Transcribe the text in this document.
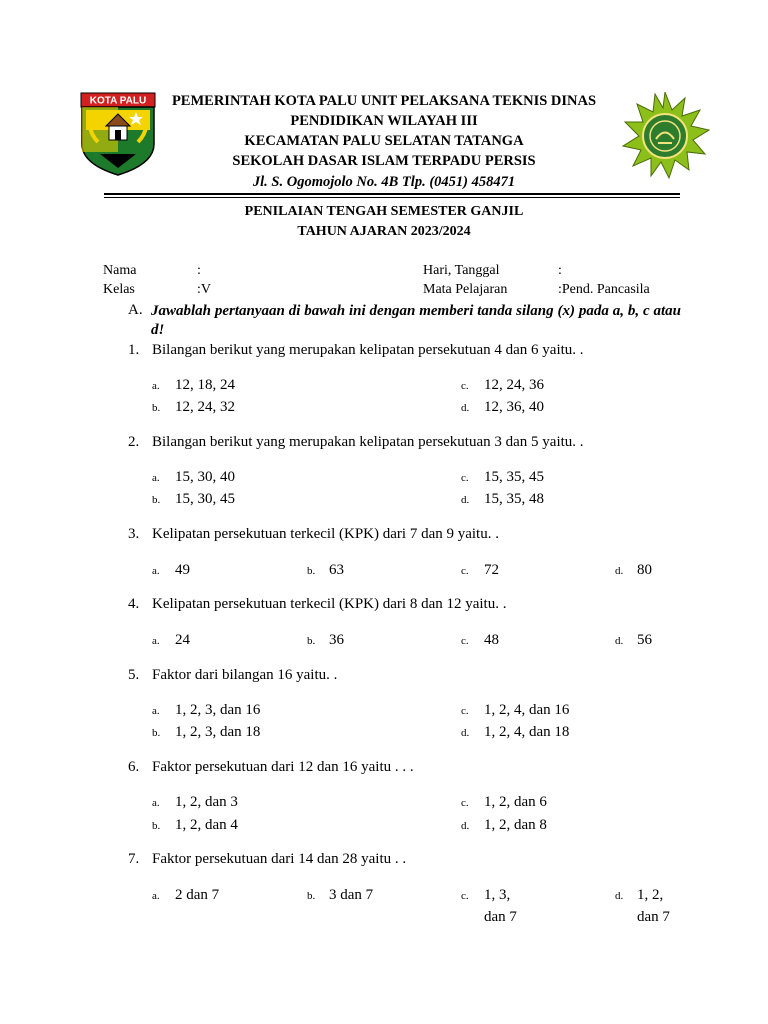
KOTA PALU	PEMERINTAH KOTA PALU UNIT PELAKSANA TEKNIS DINAS
PENDIDIKAN WILAYAH III
KECAMATAN PALU SELATAN TATANGA
SEKOLAH DASAR ISLAM TERPADU PERSIS
Jl. S. Ogomojolo No. 4B Tlp. (0451) 458471
PENILAIAN TENGAH SEMESTER GANJIL
TAHUN AJARAN 2023/2024
Nama	:
Kelas	:V
Hari, Tanggal	:
Mata Pelajaran	:Pend. Pancasila
A. Jawablah pertanyaan di bawah ini dengan memberi tanda silang (x) pada a, b, c atau d!
1. Bilangan berikut yang merupakan kelipatan persekutuan 4 dan 6 yaitu. .
a. 12, 18, 24
b. 12, 24, 32
c. 12, 24, 36
d. 12, 36, 40
2. Bilangan berikut yang merupakan kelipatan persekutuan 3 dan 5 yaitu. .
a. 15, 30, 40
b. 15, 30, 45
c. 15, 35, 45
d. 15, 35, 48
3. Kelipatan persekutuan terkecil (KPK) dari 7 dan 9 yaitu. .
a. 49	b. 63	c. 72	d. 80
4. Kelipatan persekutuan terkecil (KPK) dari 8 dan 12 yaitu. .
a. 24	b. 36	c. 48	d. 56
5. Faktor dari bilangan 16 yaitu. .
a. 1, 2, 3, dan 16
b. 1, 2, 3, dan 18
c. 1, 2, 4, dan 16
d. 1, 2, 4, dan 18
6. Faktor persekutuan dari 12 dan 16 yaitu . . .
a. 1, 2, dan 3
b. 1, 2, dan 4
c. 1, 2, dan 6
d. 1, 2, dan 8
7. Faktor persekutuan dari 14 dan 28 yaitu . .
a. 2 dan 7	b. 3 dan 7	c. 1, 3, dan 7
d. 1, 2, dan 7
